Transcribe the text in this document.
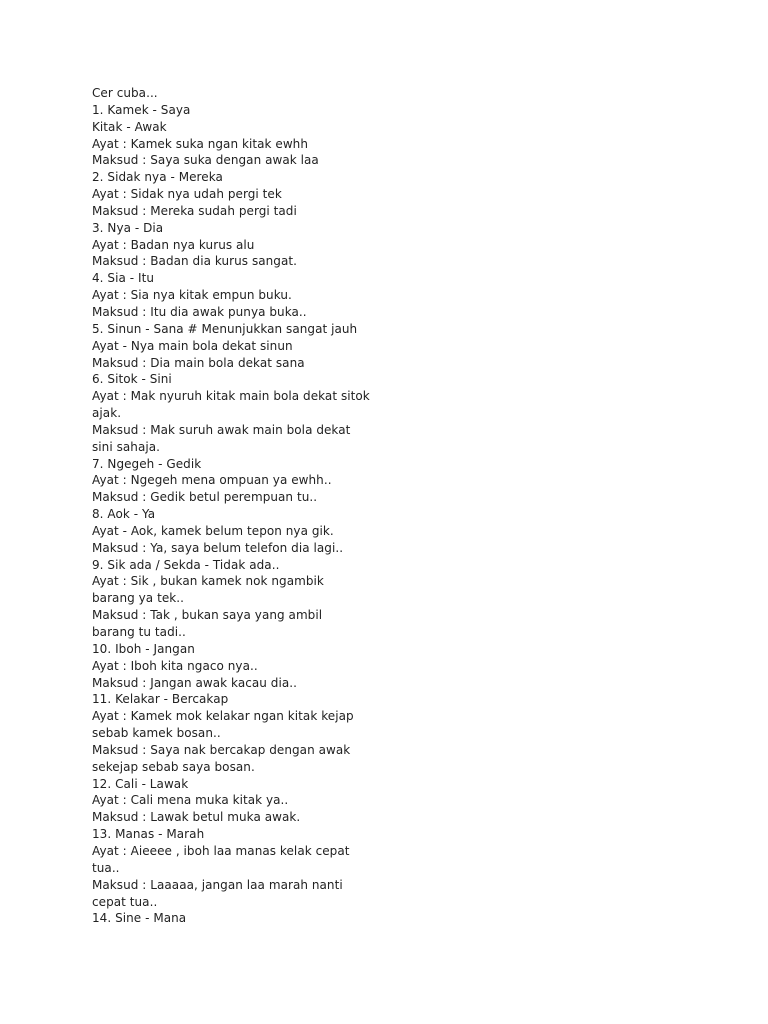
Cer cuba...
1. Kamek - Saya
Kitak - Awak
Ayat : Kamek suka ngan kitak ewhh
Maksud : Saya suka dengan awak laa
2. Sidak nya - Mereka
Ayat : Sidak nya udah pergi tek
Maksud : Mereka sudah pergi tadi
3. Nya - Dia
Ayat : Badan nya kurus alu
Maksud : Badan dia kurus sangat.
4. Sia - Itu
Ayat : Sia nya kitak empun buku.
Maksud : Itu dia awak punya buka..
5. Sinun - Sana # Menunjukkan sangat jauh
Ayat - Nya main bola dekat sinun
Maksud : Dia main bola dekat sana
6. Sitok - Sini
Ayat : Mak nyuruh kitak main bola dekat sitok
ajak.
Maksud : Mak suruh awak main bola dekat
sini sahaja.
7. Ngegeh - Gedik
Ayat : Ngegeh mena ompuan ya ewhh..
Maksud : Gedik betul perempuan tu..
8. Aok - Ya
Ayat - Aok, kamek belum tepon nya gik.
Maksud : Ya, saya belum telefon dia lagi..
9. Sik ada / Sekda - Tidak ada..
Ayat : Sik , bukan kamek nok ngambik
barang ya tek..
Maksud : Tak , bukan saya yang ambil
barang tu tadi..
10. Iboh - Jangan
Ayat : Iboh kita ngaco nya..
Maksud : Jangan awak kacau dia..
11. Kelakar - Bercakap
Ayat : Kamek mok kelakar ngan kitak kejap
sebab kamek bosan..
Maksud : Saya nak bercakap dengan awak
sekejap sebab saya bosan.
12. Cali - Lawak
Ayat : Cali mena muka kitak ya..
Maksud : Lawak betul muka awak.
13. Manas - Marah
Ayat : Aieeee , iboh laa manas kelak cepat
tua..
Maksud : Laaaaa, jangan laa marah nanti
cepat tua..
14. Sine - Mana
